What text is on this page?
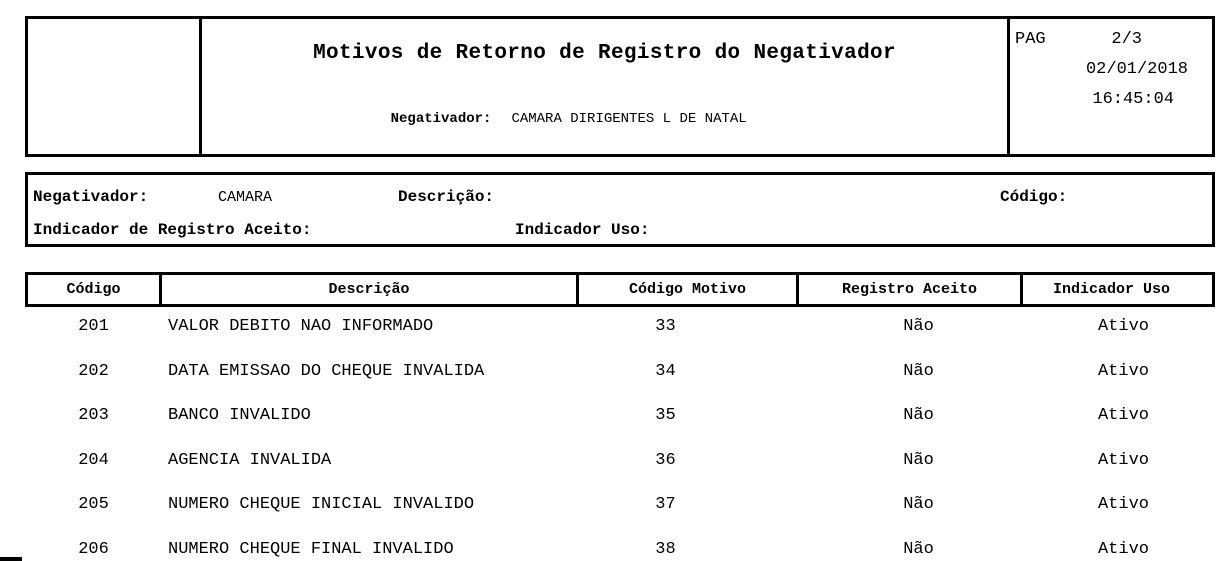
Motivos de Retorno de Registro do Negativador

Negativador: CAMARA DIRIGENTES L DE NATAL

PAG	2/3
02/01/2018
16:45:04
Negativador:	CAMARA	Descrição:	Código:
Indicador de Registro Aceito:	Indicador Uso:
Código	Descrição	Código Motivo	Registro Aceito	Indicador Uso
201	VALOR DEBITO NAO INFORMADO	33	Não	Ativo
202	DATA EMISSAO DO CHEQUE INVALIDA	34	Não	Ativo
203	BANCO INVALIDO	35	Não	Ativo
204	AGENCIA INVALIDA	36	Não	Ativo
205	NUMERO CHEQUE INICIAL INVALIDO	37	Não	Ativo
206	NUMERO CHEQUE FINAL INVALIDO	38	Não	Ativo
